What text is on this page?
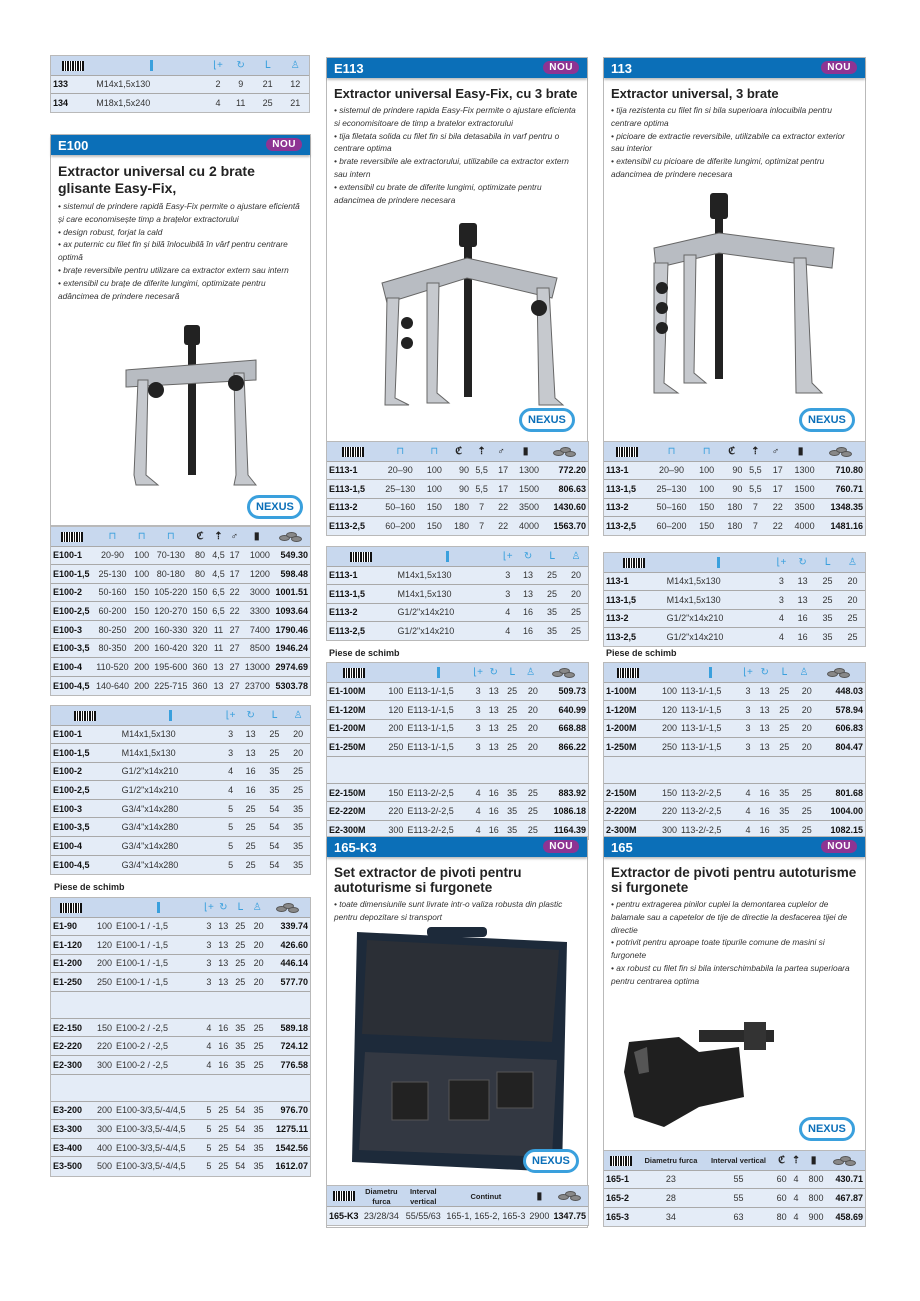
		⌊+	↻	ᒪ	♙
133	M14x1,5x130	2	9	21	12
134	M18x1,5x240	4	11	25	21
E100	NOU
Extractor universal cu 2 brate glisante Easy-Fix,
• sistemul de prindere rapidă Easy-Fix permite o ajustare eficientă și care economisește timp a brațelor extractorului
• design robust, forjat la cald
• ax puternic cu filet fin și bilă înlocuibilă în vârf pentru centrare optimă
• brațe reversibile pentru utilizare ca extractor extern sau intern
• extensibil cu brațe de diferite lungimi, optimizate pentru adâncimea de prindere necesară
NEXUS
	⊓	⊓	⊓	ℭ	⇡	♂	▮	

E100-1	20-90	100	70-130	80	4,5	17	1000	549.30
E100-1,5	25-130	100	80-180	80	4,5	17	1200	598.48
E100-2	50-160	150	105-220	150	6,5	22	3000	1001.51
E100-2,5	60-200	150	120-270	150	6,5	22	3300	1093.64
E100-3	80-250	200	160-330	320	11	27	7400	1790.46
E100-3,5	80-350	200	160-420	320	11	27	8500	1946.24
E100-4	110-520	200	195-600	360	13	27	13000	2974.69
E100-4,5	140-640	200	225-715	360	13	27	23700	5303.78
		⌊+	↻	ᒪ	♙
E100-1	M14x1,5x130	3	13	25	20
E100-1,5	M14x1,5x130	3	13	25	20
E100-2	G1/2"x14x210	4	16	35	25
E100-2,5	G1/2"x14x210	4	16	35	25
E100-3	G3/4"x14x280	5	25	54	35
E100-3,5	G3/4"x14x280	5	25	54	35
E100-4	G3/4"x14x280	5	25	54	35
E100-4,5	G3/4"x14x280	5	25	54	35
Piese de schimb
			⌊+	↻	ᒪ	♙	

E1-90	100	E100-1 / -1,5	3	13	25	20	339.74
E1-120	120	E100-1 / -1,5	3	13	25	20	426.60
E1-200	200	E100-1 / -1,5	3	13	25	20	446.14
E1-250	250	E100-1 / -1,5	3	13	25	20	577.70

E2-150	150	E100-2 / -2,5	4	16	35	25	589.18
E2-220	220	E100-2 / -2,5	4	16	35	25	724.12
E2-300	300	E100-2 / -2,5	4	16	35	25	776.58

E3-200	200	E100-3/3,5/-4/4,5	5	25	54	35	976.70
E3-300	300	E100-3/3,5/-4/4,5	5	25	54	35	1275.11
E3-400	400	E100-3/3,5/-4/4,5	5	25	54	35	1542.56
E3-500	500	E100-3/3,5/-4/4,5	5	25	54	35	1612.07
E113	NOU
Extractor universal Easy-Fix, cu 3 brate
• sistemul de prindere rapida Easy-Fix permite o ajustare eficienta si economisitoare de timp a bratelor extractorului
• tija filetata solida cu filet fin si bila detasabila in varf pentru o centrare optima
• brate reversibile ale extractorului, utilizabile ca extractor extern sau intern
• extensibil cu brate de diferite lungimi, optimizate pentru adancimea de prindere necesara
NEXUS
	⊓	⊓	ℭ	⇡	♂	▮	

E113-1	20–90	100	90	5,5	17	1300	772.20
E113-1,5	25–130	100	90	5,5	17	1500	806.63
E113-2	50–160	150	180	7	22	3500	1430.60
E113-2,5	60–200	150	180	7	22	4000	1563.70
		⌊+	↻	ᒪ	♙
E113-1	M14x1,5x130	3	13	25	20
E113-1,5	M14x1,5x130	3	13	25	20
E113-2	G1/2"x14x210	4	16	35	25
E113-2,5	G1/2"x14x210	4	16	35	25
Piese de schimb
			⌊+	↻	ᒪ	♙	

E1-100M	100	E113-1/-1,5	3	13	25	20	509.73
E1-120M	120	E113-1/-1,5	3	13	25	20	640.99
E1-200M	200	E113-1/-1,5	3	13	25	20	668.88
E1-250M	250	E113-1/-1,5	3	13	25	20	866.22

E2-150M	150	E113-2/-2,5	4	16	35	25	883.92
E2-220M	220	E113-2/-2,5	4	16	35	25	1086.18
E2-300M	300	E113-2/-2,5	4	16	35	25	1164.39
165-K3	NOU
Set extractor de pivoti pentru autoturisme si furgonete
• toate dimensiunile sunt livrate intr-o valiza robusta din plastic pentru depozitare si transport
NEXUS
	Diametru furca	Interval vertical	Continut	▮	

165-K3	23/28/34	55/55/63	165-1, 165-2, 165-3	2900	1347.75
113	NOU
Extractor universal, 3 brate
• tija rezistenta cu filet fin si bila superioara inlocuibila pentru centrare optima
• picioare de extractie reversibile, utilizabile ca extractor exterior sau interior
• extensibil cu picioare de diferite lungimi, optimizat pentru adancimea de prindere necesara
NEXUS
	⊓	⊓	ℭ	⇡	♂	▮	

113-1	20–90	100	90	5,5	17	1300	710.80
113-1,5	25–130	100	90	5,5	17	1500	760.71
113-2	50–160	150	180	7	22	3500	1348.35
113-2,5	60–200	150	180	7	22	4000	1481.16
		⌊+	↻	ᒪ	♙
113-1	M14x1,5x130	3	13	25	20
113-1,5	M14x1,5x130	3	13	25	20
113-2	G1/2"x14x210	4	16	35	25
113-2,5	G1/2"x14x210	4	16	35	25
Piese de schimb
			⌊+	↻	ᒪ	♙	

1-100M	100	113-1/-1,5	3	13	25	20	448.03
1-120M	120	113-1/-1,5	3	13	25	20	578.94
1-200M	200	113-1/-1,5	3	13	25	20	606.83
1-250M	250	113-1/-1,5	3	13	25	20	804.47

2-150M	150	113-2/-2,5	4	16	35	25	801.68
2-220M	220	113-2/-2,5	4	16	35	25	1004.00
2-300M	300	113-2/-2,5	4	16	35	25	1082.15
165	NOU
Extractor de pivoti pentru autoturisme si furgonete
• pentru extragerea pinilor cuplei la demontarea cuplelor de balamale sau a capetelor de tije de directie la desfacerea tijei de directie
• potrivit pentru aproape toate tipurile comune de masini si furgonete
• ax robust cu filet fin si bila interschimbabila la partea superioara pentru centrarea optima
NEXUS
	Diametru furca	Interval vertical	ℭ	⇡	▮	

165-1	23	55	60	4	800	430.71
165-2	28	55	60	4	800	467.87
165-3	34	63	80	4	900	458.69
